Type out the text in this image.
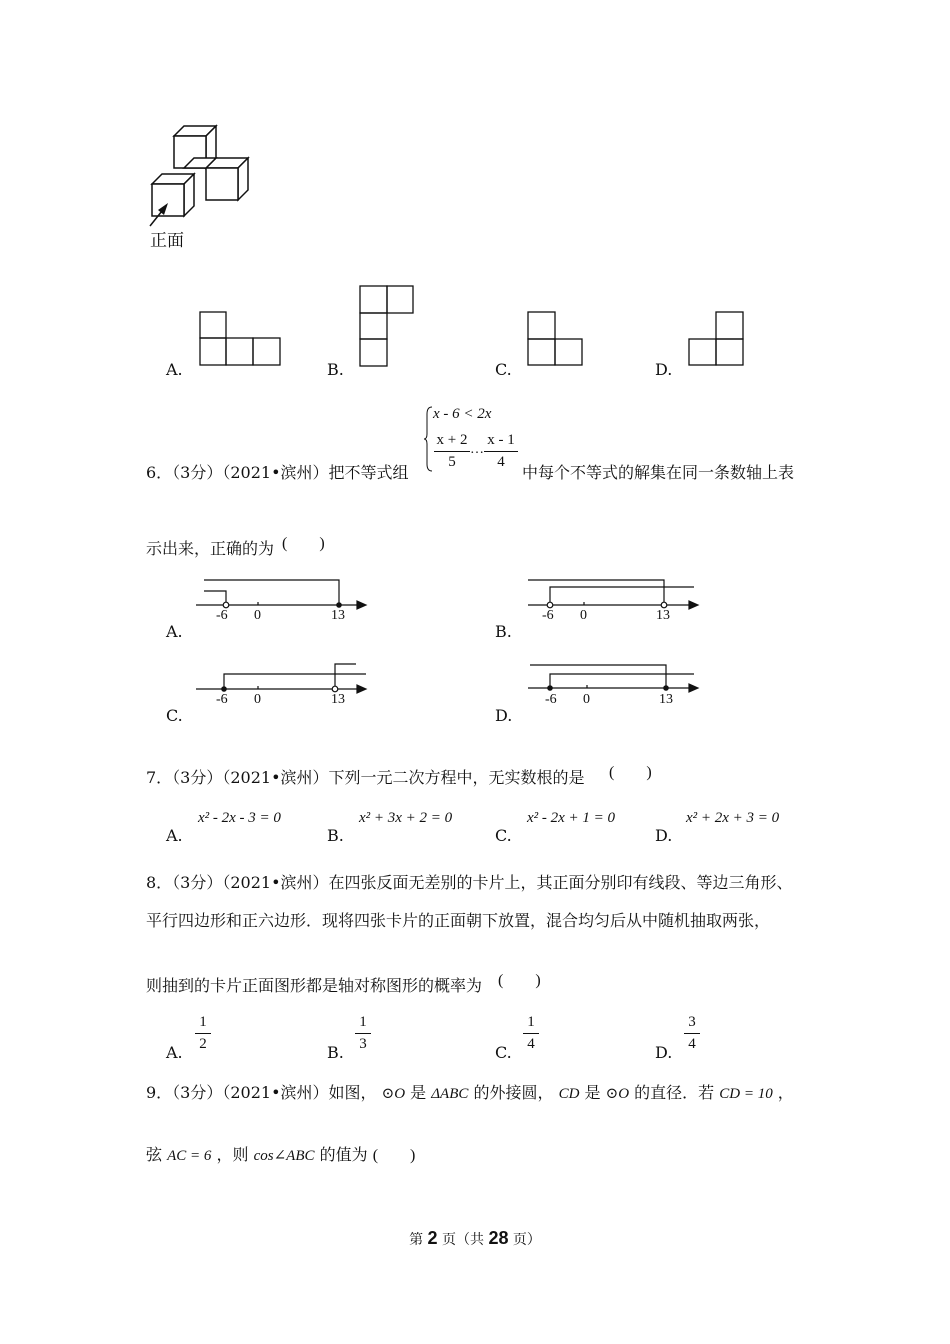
正面
A.	B.	C.	D.
6．（3分）（2021•滨州）把不等式组
x - 6 < 2x
x + 2
5
…
x - 1
4
中每个不等式的解集在同一条数轴上表
示出来，正确的为 (　　)
A.
-6 0	13
B.
-6 0	13
C.
-6 0	13
D.
-6 0	13
7．（3分）（2021•滨州）下列一元二次方程中，无实数根的是 (　　)
A.
x² - 2x - 3 = 0
B.
x² + 3x + 2 = 0
C.
x² - 2x + 1 = 0
D.
x² + 2x + 3 = 0
8．（3分）（2021•滨州）在四张反面无差别的卡片上，其正面分别印有线段、等边三角形、
平行四边形和正六边形．现将四张卡片的正面朝下放置，混合均匀后从中随机抽取两张，
则抽到的卡片正面图形都是轴对称图形的概率为 (　　)
A.
1
2	B.
1
3	C.
1
4	D.
3
4
9．（3分）（2021•滨州）如图， ⊙O 是 ΔABC 的外接圆， CD 是 ⊙O 的直径．若 CD = 10 ，
弦 AC = 6 ，则 cos∠ABC 的值为 (　　)
第 2 页（共 28 页）
